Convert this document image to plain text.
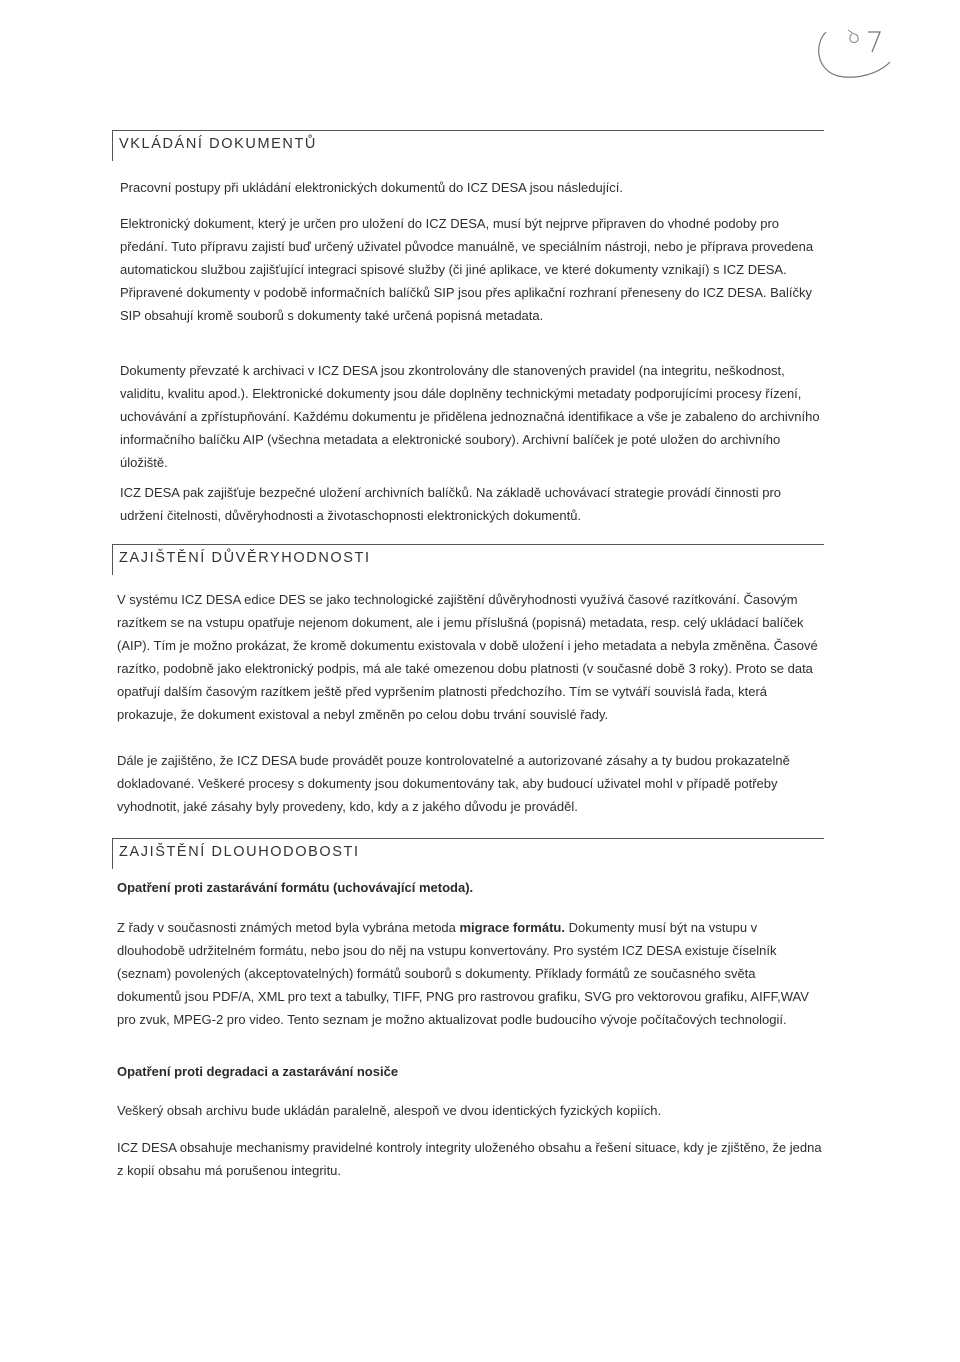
VKLÁDÁNÍ DOKUMENTŮ

Pracovní postupy při ukládání elektronických dokumentů do ICZ DESA jsou následující.

Elektronický dokument, který je určen pro uložení do ICZ DESA, musí být nejprve připraven do vhodné podoby pro předání. Tuto přípravu zajistí buď určený uživatel původce manuálně, ve speciálním nástroji, nebo je příprava provedena automatickou službou zajišťující integraci spisové služby (či jiné aplikace, ve které dokumenty vznikají) s ICZ DESA. Připravené dokumenty v podobě informačních balíčků SIP jsou přes aplikační rozhraní přeneseny do ICZ DESA. Balíčky SIP obsahují kromě souborů s dokumenty také určená popisná metadata.

Dokumenty převzaté k archivaci v ICZ DESA jsou zkontrolovány dle stanovených pravidel (na integritu, neškodnost, validitu, kvalitu apod.). Elektronické dokumenty jsou dále doplněny technickými metadaty podporujícími procesy řízení, uchovávání a zpřístupňování. Každému dokumentu je přidělena jednoznačná identifikace a vše je zabaleno do archivního informačního balíčku AIP (všechna metadata a elektronické soubory). Archivní balíček je poté uložen do archivního úložiště.

ICZ DESA pak zajišťuje bezpečné uložení archivních balíčků. Na základě uchovávací strategie provádí činnosti pro udržení čitelnosti, důvěryhodnosti a životaschopnosti elektronických dokumentů.

ZAJIŠTĚNÍ DŮVĚRYHODNOSTI

V systému ICZ DESA edice DES se jako technologické zajištění důvěryhodnosti využívá časové razítkování. Časovým razítkem se na vstupu opatřuje nejenom dokument, ale i jemu příslušná (popisná) metadata, resp. celý ukládací balíček (AIP). Tím je možno prokázat, že kromě dokumentu existovala v době uložení i jeho metadata a nebyla změněna. Časové razítko, podobně jako elektronický podpis, má ale také omezenou dobu platnosti (v současné době 3 roky). Proto se data opatřují dalším časovým razítkem ještě před vypršením platnosti předchozího. Tím se vytváří souvislá řada, která prokazuje, že dokument existoval a nebyl změněn po celou dobu trvání souvislé řady.

Dále je zajištěno, že ICZ DESA bude provádět pouze kontrolovatelné a autorizované zásahy a ty budou prokazatelně dokladované. Veškeré procesy s dokumenty jsou dokumentovány tak, aby budoucí uživatel mohl v případě potřeby vyhodnotit, jaké zásahy byly provedeny, kdo, kdy a z jakého důvodu je prováděl.

ZAJIŠTĚNÍ DLOUHODOBOSTI

Opatření proti zastarávání formátu (uchovávající metoda).

Z řady v současnosti známých metod byla vybrána metoda migrace formátu. Dokumenty musí být na vstupu v dlouhodobě udržitelném formátu, nebo jsou do něj na vstupu konvertovány. Pro systém ICZ DESA existuje číselník (seznam) povolených (akceptovatelných) formátů souborů s dokumenty. Příklady formátů ze současného světa dokumentů jsou PDF/A, XML pro text a tabulky, TIFF, PNG pro rastrovou grafiku, SVG pro vektorovou grafiku, AIFF,WAV pro zvuk, MPEG-2 pro video. Tento seznam je možno aktualizovat podle budoucího vývoje počítačových technologií.

Opatření proti degradaci a zastarávání nosiče

Veškerý obsah archivu bude ukládán paralelně, alespoň ve dvou identických fyzických kopiích.

ICZ DESA obsahuje mechanismy pravidelné kontroly integrity uloženého obsahu a řešení situace, kdy je zjištěno, že jedna z kopií obsahu má porušenou integritu.
